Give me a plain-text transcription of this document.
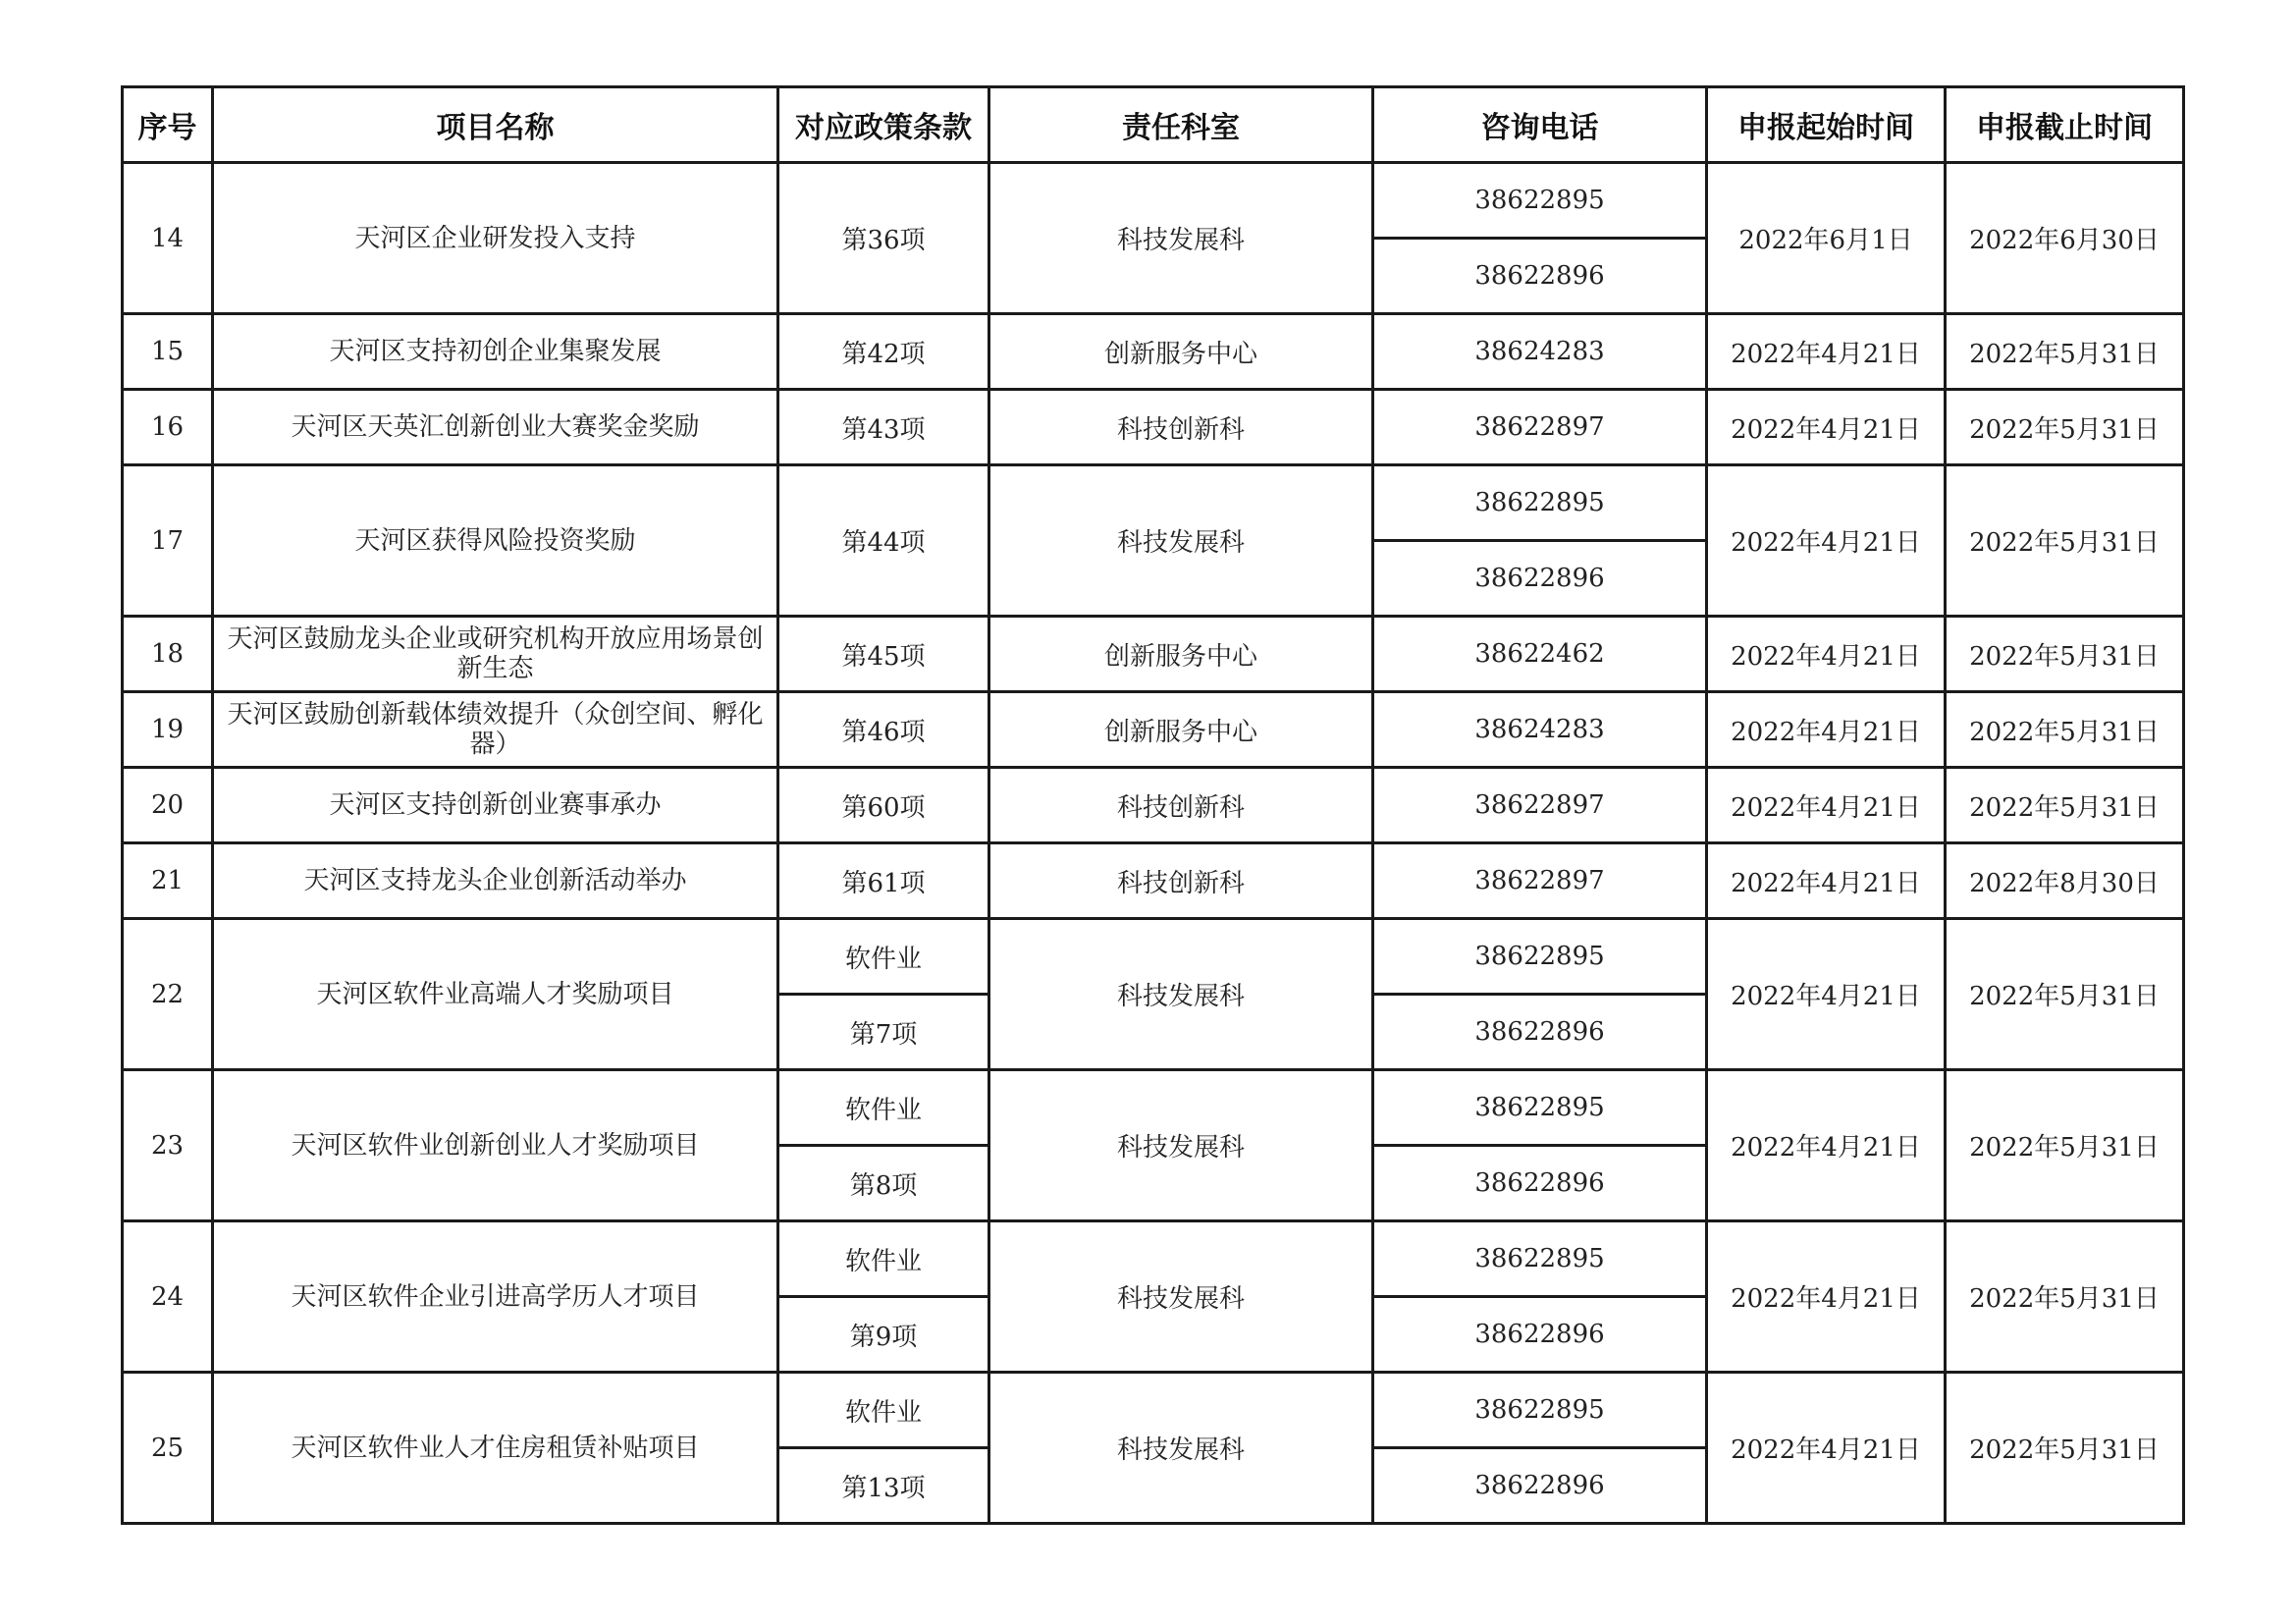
序号	项目名称	对应政策条款	责任科室	咨询电话	申报起始时间	申报截止时间
14	天河区企业研发投入支持	第36项	科技发展科	38622895	2022年6月1日	2022年6月30日
				38622896		
15	天河区支持初创企业集聚发展	第42项	创新服务中心	38624283	2022年4月21日	2022年5月31日
16	天河区天英汇创新创业大赛奖金奖励	第43项	科技创新科	38622897	2022年4月21日	2022年5月31日
17	天河区获得风险投资奖励	第44项	科技发展科	38622895	2022年4月21日	2022年5月31日
				38622896		
18	天河区鼓励龙头企业或研究机构开放应用场景创新生态	第45项	创新服务中心	38622462	2022年4月21日	2022年5月31日
19	天河区鼓励创新载体绩效提升（众创空间、孵化器）	第46项	创新服务中心	38624283	2022年4月21日	2022年5月31日
20	天河区支持创新创业赛事承办	第60项	科技创新科	38622897	2022年4月21日	2022年5月31日
21	天河区支持龙头企业创新活动举办	第61项	科技创新科	38622897	2022年4月21日	2022年8月30日
22	天河区软件业高端人才奖励项目	软件业	科技发展科	38622895	2022年4月21日	2022年5月31日
		第7项		38622896		
23	天河区软件业创新创业人才奖励项目	软件业	科技发展科	38622895	2022年4月21日	2022年5月31日
		第8项		38622896		
24	天河区软件企业引进高学历人才项目	软件业	科技发展科	38622895	2022年4月21日	2022年5月31日
		第9项		38622896		
25	天河区软件业人才住房租赁补贴项目	软件业	科技发展科	38622895	2022年4月21日	2022年5月31日
		第13项		38622896		
